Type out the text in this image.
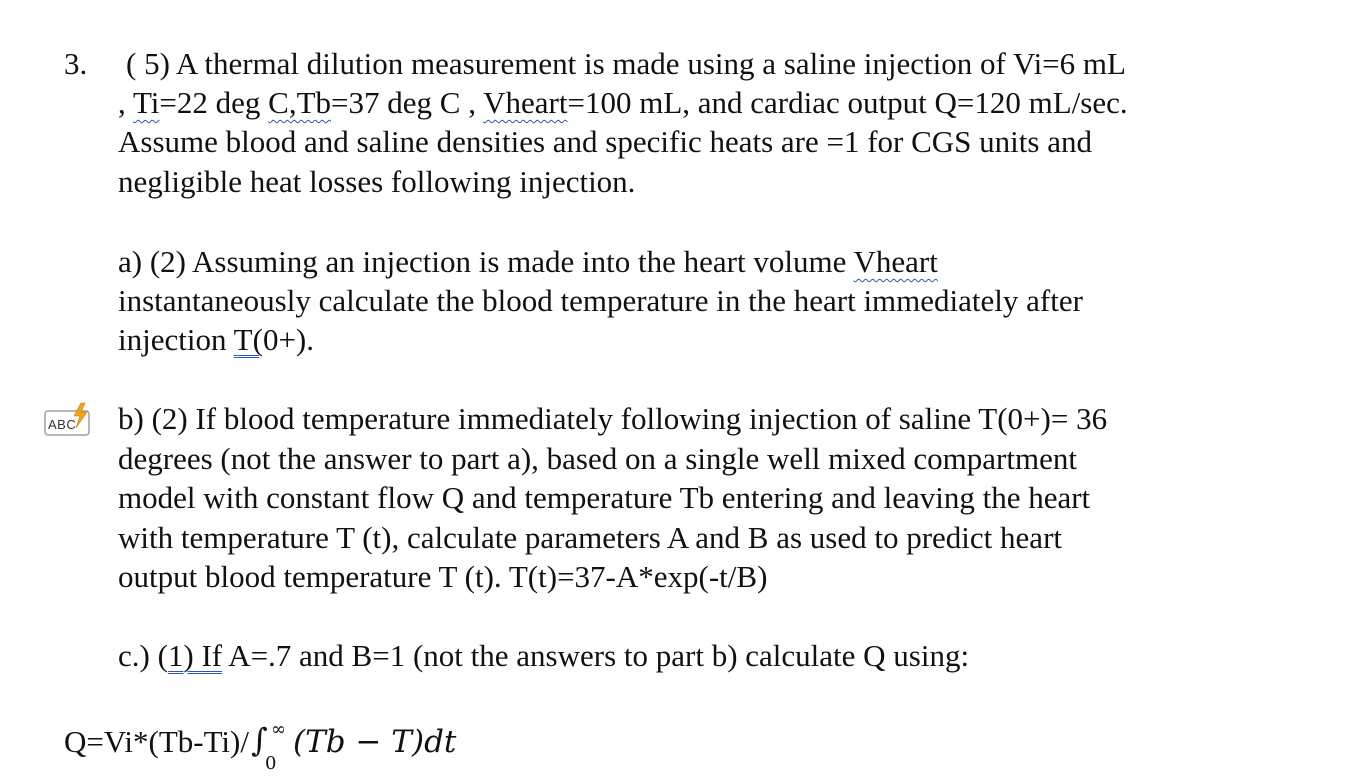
3. ( 5) A thermal dilution measurement is made using a saline injection of Vi=6 mL
, Ti=22 deg C,Tb=37 deg C , Vheart=100 mL, and cardiac output Q=120 mL/sec.
Assume blood and saline densities and specific heats are =1 for CGS units and
negligible heat losses following injection.
a) (2) Assuming an injection is made into the heart volume Vheart
instantaneously calculate the blood temperature in the heart immediately after
injection T(0+).
ABC b) (2) If blood temperature immediately following injection of saline T(0+)= 36
degrees (not the answer to part a), based on a single well mixed compartment
model with constant flow Q and temperature Tb entering and leaving the heart
with temperature T (t), calculate parameters A and B as used to predict heart
output blood temperature T (t). T(t)=37-A*exp(-t/B)
c.) (1) If A=.7 and B=1 (not the answers to part b) calculate Q using:
Q=Vi*(Tb-Ti)/ ∫ ∞
0
(Tb − T)dt
